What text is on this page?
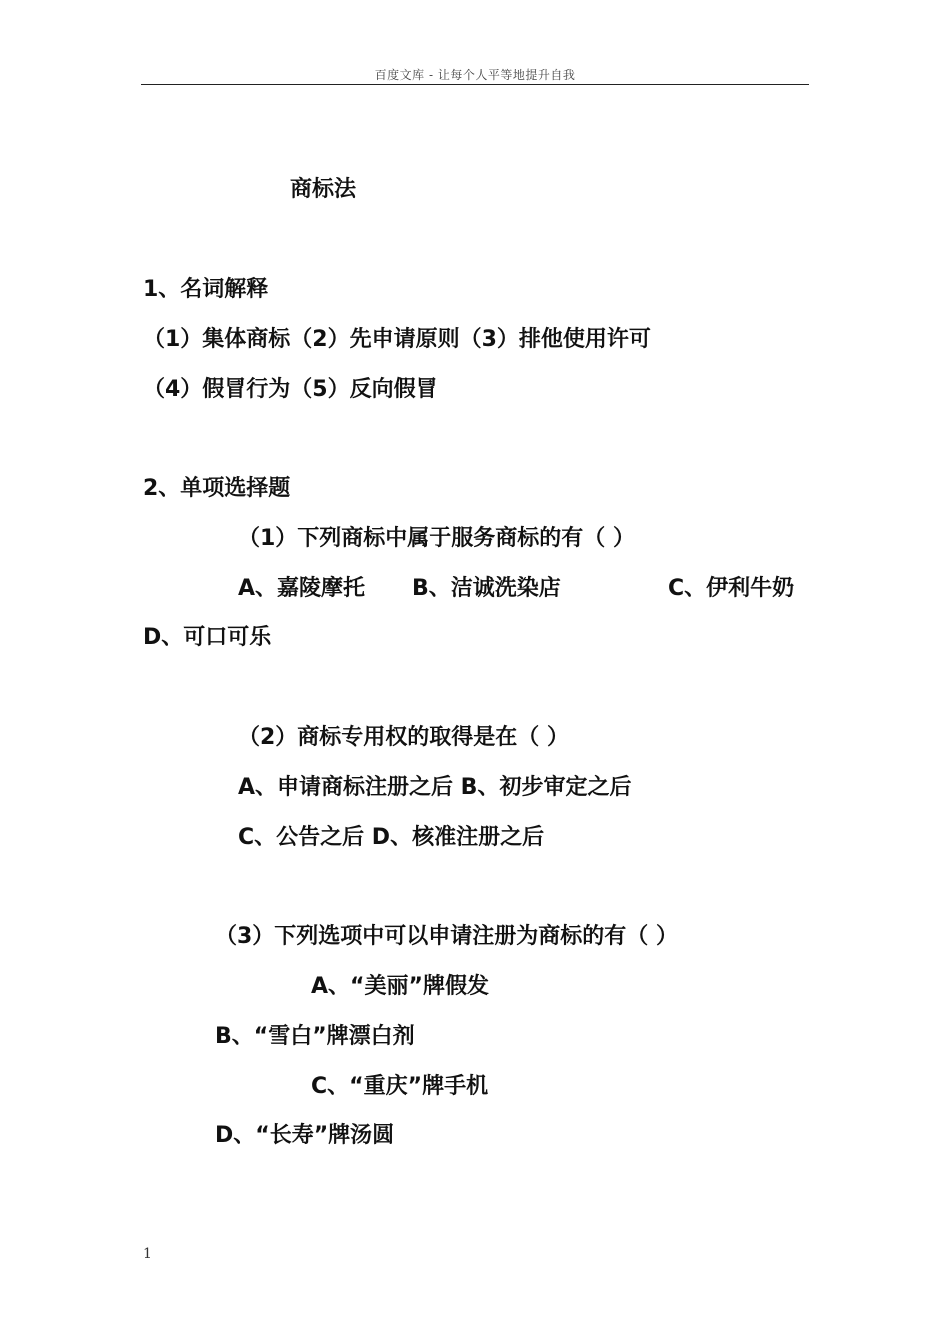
百度文库 - 让每个人平等地提升自我
商标法
1、名词解释
（1）集体商标（2）先申请原则（3）排他使用许可
（4）假冒行为（5）反向假冒
2、单项选择题
（1）下列商标中属于服务商标的有（ ）
A、嘉陵摩托 B、洁诚洗染店	C、伊利牛奶
D、可口可乐
（2）商标专用权的取得是在（ ）
A、申请商标注册之后 B、初步审定之后
C、公告之后 D、核准注册之后
（3）下列选项中可以申请注册为商标的有（ ）
A、“美丽”牌假发
B、“雪白”牌漂白剂
C、“重庆”牌手机
D、“长寿”牌汤圆
1
